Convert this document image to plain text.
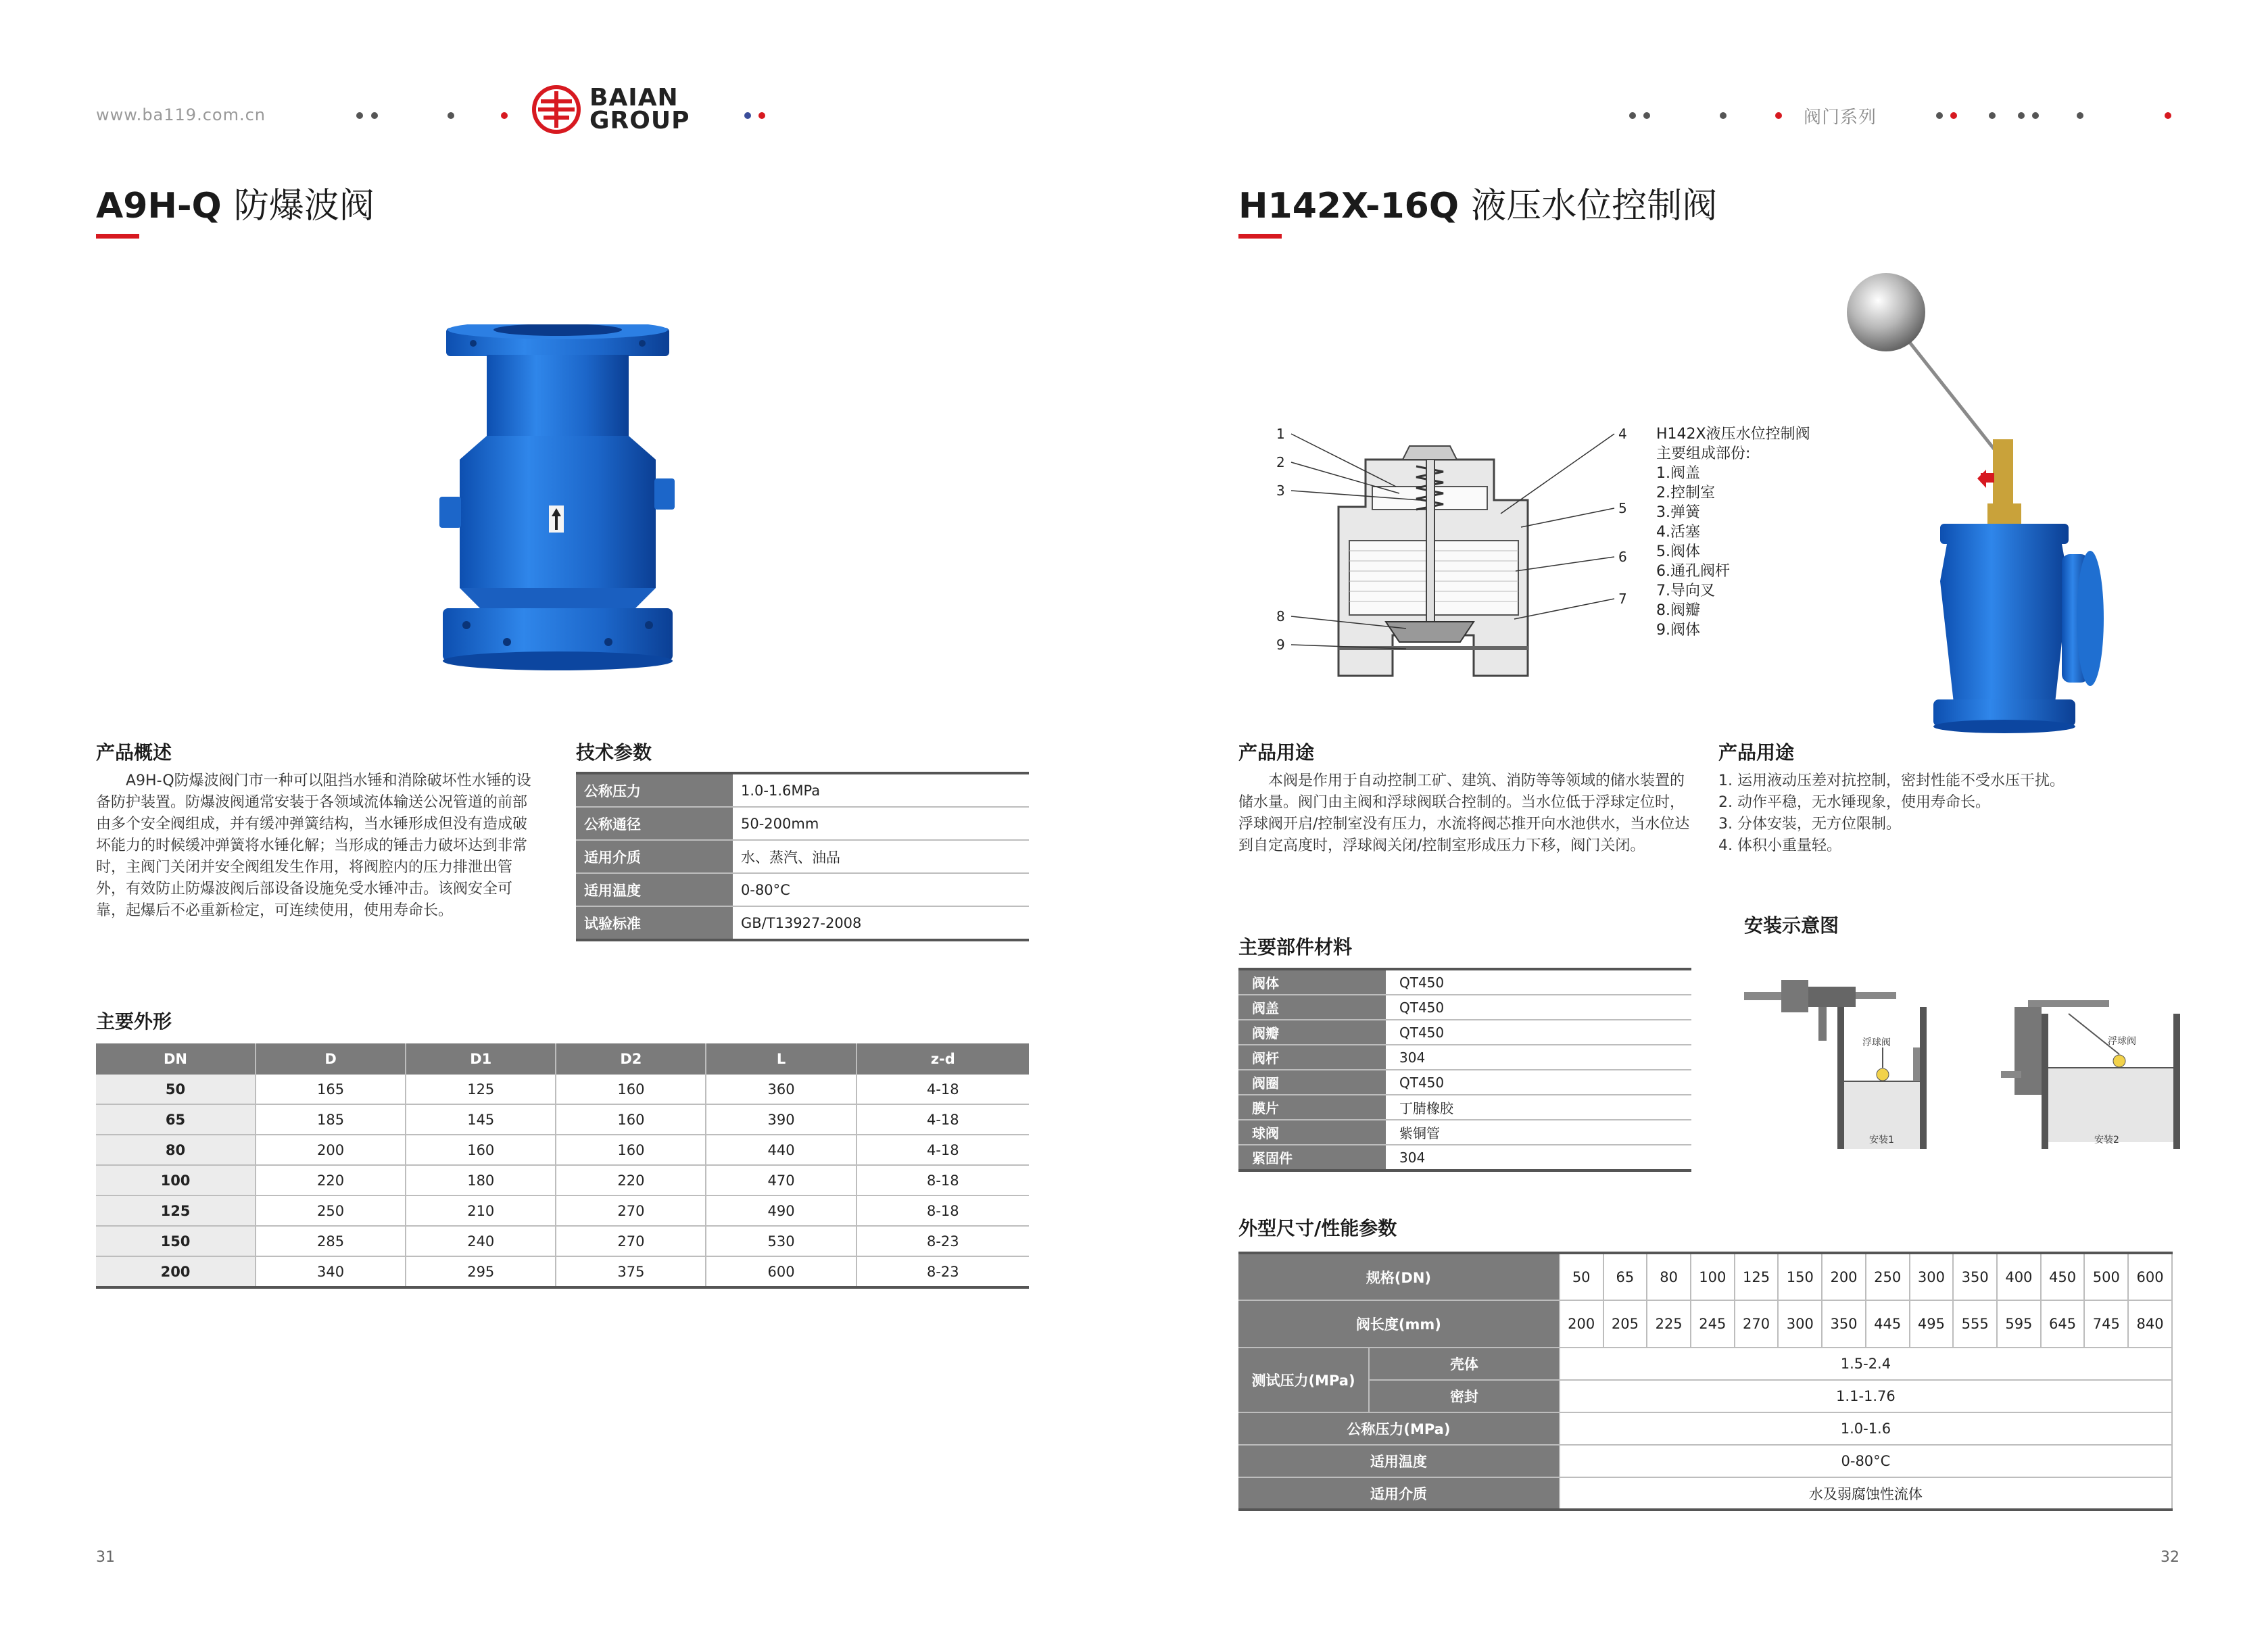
www.ba119.com.cn
BAIAN
GROUP	阀门系列
A9H-Q 防爆波阀
产品概述
A9H-Q防爆波阀门市一种可以阻挡水锤和消除破坏性水锤的设备防护装置。防爆波阀通常安装于各领域流体输送公况管道的前部由多个安全阀组成，并有缓冲弹簧结构，当水锤形成但没有造成破坏能力的时候缓冲弹簧将水锤化解；当形成的锤击力破坏达到非常时，主阀门关闭并安全阀组发生作用，将阀腔内的压力排泄出管外，有效防止防爆波阀后部设备设施免受水锤冲击。该阀安全可靠，起爆后不必重新检定，可连续使用，使用寿命长。
技术参数
公称压力	1.0-1.6MPa
公称通径	50-200mm
适用介质	水、蒸汽、油品
适用温度	0-80°C
试验标准	GB/T13927-2008
主要外形
DN	D	D1	D2	L	z-d
50	165	125	160	360	4-18
65	185	145	160	390	4-18
80	200	160	160	440	4-18
100	220	180	220	470	8-18
125	250	210	270	490	8-18
150	285	240	270	530	8-23
200	340	295	375	600	8-23
31
H142X-16Q 液压水位控制阀
1
2
3
4
5
6
7
8
9
H142X液压水位控制阀
主要组成部份:
1.阀盖
2.控制室
3.弹簧
4.活塞
5.阀体
6.通孔阀杆
7.导向叉
8.阀瓣
9.阀体
产品用途
本阀是作用于自动控制工矿、建筑、消防等等领域的储水装置的储水量。阀门由主阀和浮球阀联合控制的。当水位低于浮球定位时，浮球阀开启/控制室没有压力，水流将阀芯推开向水池供水，当水位达到自定高度时，浮球阀关闭/控制室形成压力下移，阀门关闭。
产品用途

1. 运用液动压差对抗控制，密封性能不受水压干扰。

2. 动作平稳，无水锤现象，使用寿命长。

3. 分体安装，无方位限制。

4. 体积小重量轻。

安装示意图
浮球阀
安装1
浮球阀
安装2
主要部件材料
阀体	QT450
阀盖	QT450
阀瓣	QT450
阀杆	304
阀圈	QT450
膜片	丁腈橡胶
球阀	紫铜管
紧固件	304
外型尺寸/性能参数
规格(DN)		50	65	80	100	125	150	200	250	300	350	400	450	500	600
阀长度(mm)		200	205	225	245	270	300	350	445	495	555	595	645	745	840
测试压力(MPa)	壳体	1.5-2.4													
	密封	1.1-1.76													
公称压力(MPa)		1.0-1.6													
适用温度		0-80°C													
适用介质		水及弱腐蚀性流体													
32
